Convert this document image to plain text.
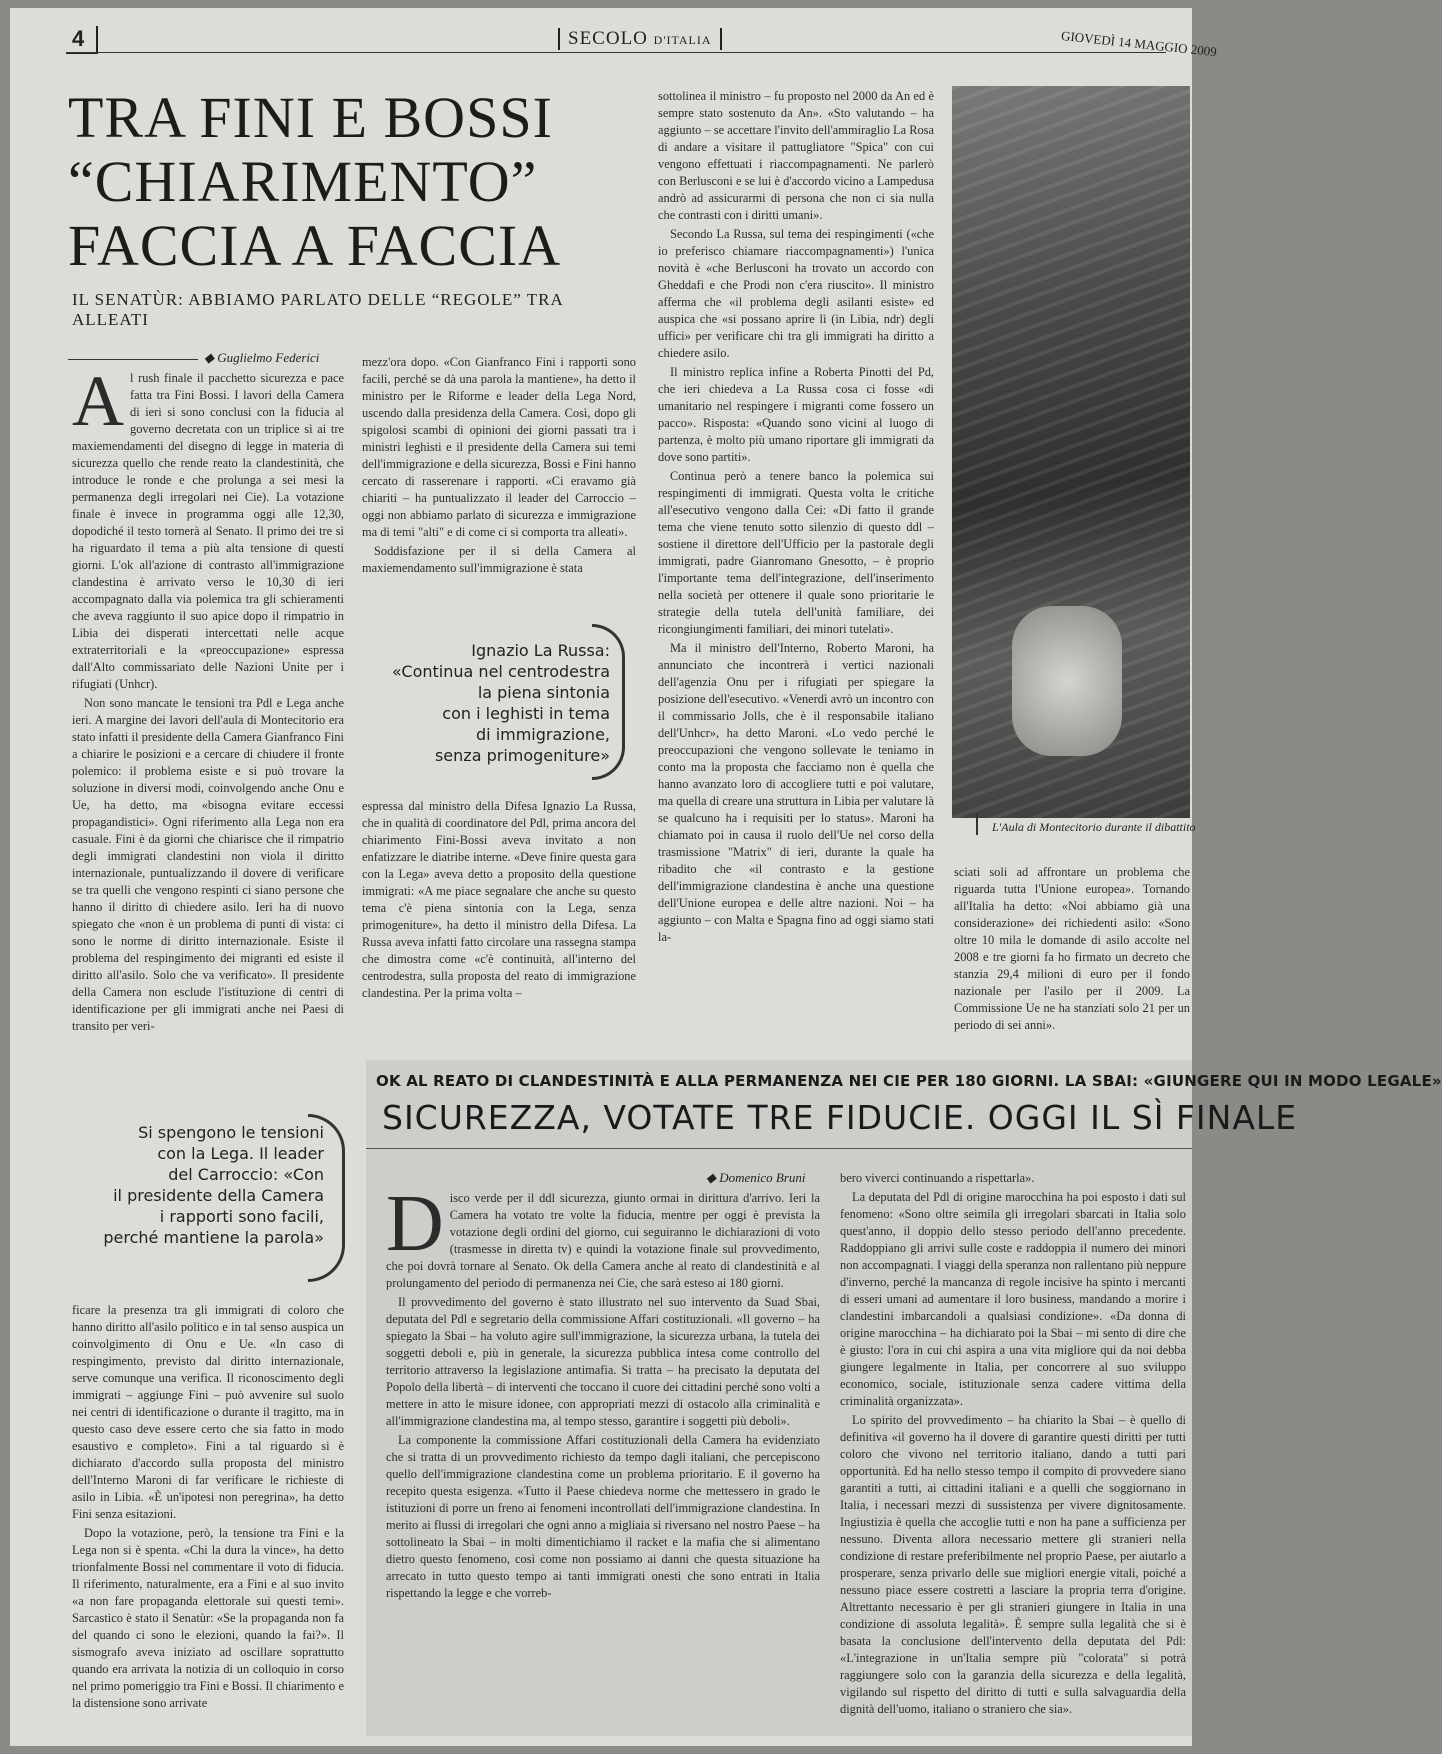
4	SECOLO D'ITALIA	GIOVEDÌ 14 MAGGIO 2009
TRA FINI E BOSSI
“CHIARIMENTO”
FACCIA A FACCIA
IL SENATÙR: ABBIAMO PARLATO DELLE “REGOLE” TRA ALLEATI
◆ Guglielmo Federici

Al rush finale il pacchetto sicurezza e pace fatta tra Fini Bossi. I lavori della Camera di ieri si sono conclusi con la fiducia al governo decretata con un triplice sì ai tre maxiemendamenti del disegno di legge in materia di sicurezza quello che rende reato la clandestinità, che introduce le ronde e che prolunga a sei mesi la permanenza degli irregolari nei Cie). La votazione finale è invece in programma oggi alle 12,30, dopodiché il testo tornerà al Senato. Il primo dei tre sì ha riguardato il tema a più alta tensione di questi giorni. L'ok all'azione di contrasto all'immigrazione clandestina è arrivato verso le 10,30 di ieri accompagnato dalla via polemica tra gli schieramenti che aveva raggiunto il suo apice dopo il rimpatrio in Libia dei disperati intercettati nelle acque extraterritoriali e la «preoccupazione» espressa dall'Alto commissariato delle Nazioni Unite per i rifugiati (Unhcr).

Non sono mancate le tensioni tra Pdl e Lega anche ieri. A margine dei lavori dell'aula di Montecitorio era stato infatti il presidente della Camera Gianfranco Fini a chiarire le posizioni e a cercare di chiudere il fronte polemico: il problema esiste e si può trovare la soluzione in diversi modi, coinvolgendo anche Onu e Ue, ha detto, ma «bisogna evitare eccessi propagandistici». Ogni riferimento alla Lega non era casuale. Fini è da giorni che chiarisce che il rimpatrio degli immigrati clandestini non viola il diritto internazionale, puntualizzando il dovere di verificare se tra quelli che vengono respinti ci siano persone che hanno il diritto di chiedere asilo. Ieri ha di nuovo spiegato che «non è un problema di punti di vista: ci sono le norme di diritto internazionale. Esiste il problema del respingimento dei migranti ed esiste il diritto all'asilo. Solo che va verificato». Il presidente della Camera non esclude l'istituzione di centri di identificazione per gli immigrati anche nei Paesi di transito per veri-

mezz'ora dopo. «Con Gianfranco Fini i rapporti sono facili, perché se dà una parola la mantiene», ha detto il ministro per le Riforme e leader della Lega Nord, uscendo dalla presidenza della Camera. Così, dopo gli spigolosi scambi di opinioni dei giorni passati tra i ministri leghisti e il presidente della Camera sui temi dell'immigrazione e della sicurezza, Bossi e Fini hanno cercato di rasserenare i rapporti. «Ci eravamo già chiariti – ha puntualizzato il leader del Carroccio – oggi non abbiamo parlato di sicurezza e immigrazione ma di temi "alti" e di come ci si comporta tra alleati».

Soddisfazione per il sì della Camera al maxiemendamento sull'immigrazione è stata

Ignazio La Russa:
«Continua nel centrodestra
la piena sintonia
con i leghisti in tema
di immigrazione,
senza primogeniture»

espressa dal ministro della Difesa Ignazio La Russa, che in qualità di coordinatore del Pdl, prima ancora del chiarimento Fini-Bossi aveva invitato a non enfatizzare le diatribe interne. «Deve finire questa gara con la Lega» aveva detto a proposito della questione immigrati: «A me piace segnalare che anche su questo tema c'è piena sintonia con la Lega, senza primogeniture», ha detto il ministro della Difesa. La Russa aveva infatti fatto circolare una rassegna stampa che dimostra come «c'è continuità, all'interno del centrodestra, sulla proposta del reato di immigrazione clandestina. Per la prima volta –

sottolinea il ministro – fu proposto nel 2000 da An ed è sempre stato sostenuto da An». «Sto valutando – ha aggiunto – se accettare l'invito dell'ammiraglio La Rosa di andare a visitare il pattugliatore "Spica" con cui vengono effettuati i riaccompagnamenti. Ne parlerò con Berlusconi e se lui è d'accordo vicino a Lampedusa andrò ad assicurarmi di persona che non ci sia nulla che contrasti con i diritti umani».

Secondo La Russa, sul tema dei respingimenti («che io preferisco chiamare riaccompagnamenti») l'unica novità è «che Berlusconi ha trovato un accordo con Gheddafi e che Prodi non c'era riuscito». Il ministro afferma che «il problema degli asilanti esiste» ed auspica che «si possano aprire lì (in Libia, ndr) degli uffici» per verificare chi tra gli immigrati ha diritto a chiedere asilo.

Il ministro replica infine a Roberta Pinotti del Pd, che ieri chiedeva a La Russa cosa ci fosse «di umanitario nel respingere i migranti come fossero un pacco». Risposta: «Quando sono vicini al luogo di partenza, è molto più umano riportare gli immigrati da dove sono partiti».

Continua però a tenere banco la polemica sui respingimenti di immigrati. Questa volta le critiche all'esecutivo vengono dalla Cei: «Di fatto il grande tema che viene tenuto sotto silenzio di questo ddl – sostiene il direttore dell'Ufficio per la pastorale degli immigrati, padre Gianromano Gnesotto, – è proprio l'importante tema dell'integrazione, dell'inserimento nella società per ottenere il quale sono prioritarie le strategie della tutela dell'unità familiare, dei ricongiungimenti familiari, dei minori tutelati».

Ma il ministro dell'Interno, Roberto Maroni, ha annunciato che incontrerà i vertici nazionali dell'agenzia Onu per i rifugiati per spiegare la posizione dell'esecutivo. «Venerdì avrò un incontro con il commissario Jolls, che è il responsabile italiano dell'Unhcr», ha detto Maroni. «Lo vedo perché le preoccupazioni che vengono sollevate le teniamo in conto ma la proposta che facciamo non è quella che hanno avanzato loro di accogliere tutti e poi valutare, ma quella di creare una struttura in Libia per valutare là se qualcuno ha i requisiti per lo status». Maroni ha chiamato poi in causa il ruolo dell'Ue nel corso della trasmissione "Matrix" di ieri, durante la quale ha ribadito che «il contrasto e la gestione dell'immigrazione clandestina è anche una questione dell'Unione europea e delle altre nazioni. Noi – ha aggiunto – con Malta e Spagna fino ad oggi siamo stati la-

L'Aula di Montecitorio durante il dibattito

sciati soli ad affrontare un problema che riguarda tutta l'Unione europea». Tornando all'Italia ha detto: «Noi abbiamo già una considerazione» dei richiedenti asilo: «Sono oltre 10 mila le domande di asilo accolte nel 2008 e tre giorni fa ho firmato un decreto che stanzia 29,4 milioni di euro per il fondo nazionale per l'asilo per il 2009. La Commissione Ue ne ha stanziati solo 21 per un periodo di sei anni».

Si spengono le tensioni
con la Lega. Il leader
del Carroccio: «Con
il presidente della Camera
i rapporti sono facili,
perché mantiene la parola»

ficare la presenza tra gli immigrati di coloro che hanno diritto all'asilo politico e in tal senso auspica un coinvolgimento di Onu e Ue. «In caso di respingimento, previsto dal diritto internazionale, serve comunque una verifica. Il riconoscimento degli immigrati – aggiunge Fini – può avvenire sul suolo nei centri di identificazione o durante il tragitto, ma in questo caso deve essere certo che sia fatto in modo esaustivo e completo». Fini a tal riguardo si è dichiarato d'accordo sulla proposta del ministro dell'Interno Maroni di far verificare le richieste di asilo in Libia. «È un'ipotesi non peregrina», ha detto Fini senza esitazioni.

Dopo la votazione, però, la tensione tra Fini e la Lega non si è spenta. «Chi la dura la vince», ha detto trionfalmente Bossi nel commentare il voto di fiducia. Il riferimento, naturalmente, era a Fini e al suo invito «a non fare propaganda elettorale sui questi temi». Sarcastico è stato il Senatùr: «Se la propaganda non fa del quando ci sono le elezioni, quando la fai?». Il sismografo aveva iniziato ad oscillare soprattutto quando era arrivata la notizia di un colloquio in corso nel primo pomeriggio tra Fini e Bossi. Il chiarimento e la distensione sono arrivate

OK AL REATO DI CLANDESTINITÀ E ALLA PERMANENZA NEI CIE PER 180 GIORNI. LA SBAI: «GIUNGERE QUI IN MODO LEGALE»
SICUREZZA, VOTATE TRE FIDUCIE. OGGI IL SÌ FINALE
◆ Domenico Bruni

Disco verde per il ddl sicurezza, giunto ormai in dirittura d'arrivo. Ieri la Camera ha votato tre volte la fiducia, mentre per oggi è prevista la votazione degli ordini del giorno, cui seguiranno le dichiarazioni di voto (trasmesse in diretta tv) e quindi la votazione finale sul provvedimento, che poi dovrà tornare al Senato. Ok della Camera anche al reato di clandestinità e al prolungamento del periodo di permanenza nei Cie, che sarà esteso ai 180 giorni.

Il provvedimento del governo è stato illustrato nel suo intervento da Suad Sbai, deputata del Pdl e segretario della commissione Affari costituzionali. «Il governo – ha spiegato la Sbai – ha voluto agire sull'immigrazione, la sicurezza urbana, la tutela dei soggetti deboli e, più in generale, la sicurezza pubblica intesa come controllo del territorio attraverso la legislazione antimafia. Si tratta – ha precisato la deputata del Popolo della libertà – di interventi che toccano il cuore dei cittadini perché sono volti a mettere in atto le misure idonee, con appropriati mezzi di ostacolo alla criminalità e all'immigrazione clandestina ma, al tempo stesso, garantire i soggetti più deboli».

La componente la commissione Affari costituzionali della Camera ha evidenziato che si tratta di un provvedimento richiesto da tempo dagli italiani, che percepiscono quello dell'immigrazione clandestina come un problema prioritario. E il governo ha recepito questa esigenza. «Tutto il Paese chiedeva norme che mettessero in grado le istituzioni di porre un freno ai fenomeni incontrollati dell'immigrazione clandestina. In merito ai flussi di irregolari che ogni anno a migliaia si riversano nel nostro Paese – ha sottolineato la Sbai – in molti dimentichiamo il racket e la mafia che si alimentano dietro questo fenomeno, così come non possiamo ai danni che questa situazione ha arrecato in tutto questo tempo ai tanti immigrati onesti che sono entrati in Italia rispettando la legge e che vorreb-

bero viverci continuando a rispettarla».

La deputata del Pdl di origine marocchina ha poi esposto i dati sul fenomeno: «Sono oltre seimila gli irregolari sbarcati in Italia solo quest'anno, il doppio dello stesso periodo dell'anno precedente. Raddoppiano gli arrivi sulle coste e raddoppia il numero dei minori non accompagnati. I viaggi della speranza non rallentano più neppure d'inverno, perché la mancanza di regole incisive ha spinto i mercanti di esseri umani ad aumentare il loro business, mandando a morire i clandestini imbarcandoli a qualsiasi condizione». «Da donna di origine marocchina – ha dichiarato poi la Sbai – mi sento di dire che è giusto: l'ora in cui chi aspira a una vita migliore qui da noi debba giungere legalmente in Italia, per concorrere al suo sviluppo economico, sociale, istituzionale senza cadere vittima della criminalità organizzata».

Lo spirito del provvedimento – ha chiarito la Sbai – è quello di definitiva «il governo ha il dovere di garantire questi diritti per tutti coloro che vivono nel territorio italiano, dando a tutti pari opportunità. Ed ha nello stesso tempo il compito di provvedere siano garantiti a tutti, ai cittadini italiani e a quelli che soggiornano in Italia, i necessari mezzi di sussistenza per vivere dignitosamente. Ingiustizia è quella che accoglie tutti e non ha pane a sufficienza per nessuno. Diventa allora necessario mettere gli stranieri nella condizione di restare preferibilmente nel proprio Paese, per aiutarlo a prosperare, senza privarlo delle sue migliori energie vitali, poiché a nessuno piace essere costretti a lasciare la propria terra d'origine. Altrettanto necessario è per gli stranieri giungere in Italia in una condizione di assoluta legalità». È sempre sulla legalità che si è basata la conclusione dell'intervento della deputata del Pdl: «L'integrazione in un'Italia sempre più "colorata" si potrà raggiungere solo con la garanzia della sicurezza e della legalità, vigilando sul rispetto del diritto di tutti e sulla salvaguardia della dignità dell'uomo, italiano o straniero che sia».
